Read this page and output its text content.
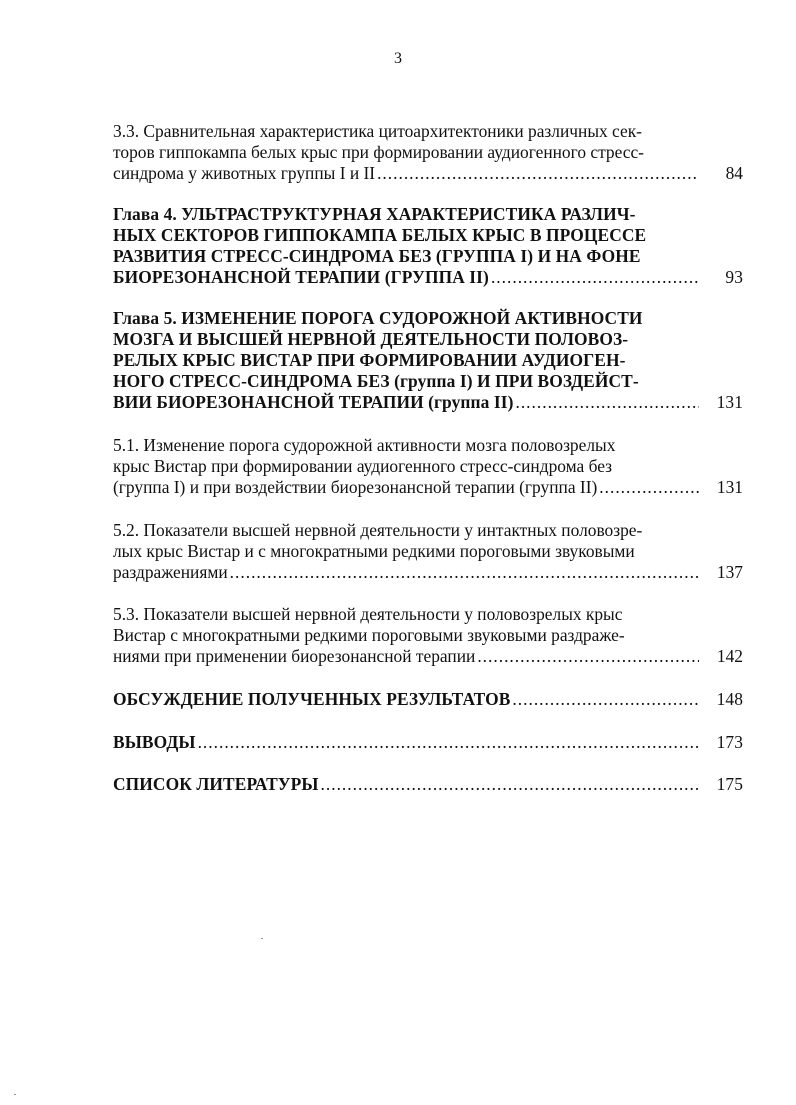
3
3.3. Сравнительная характеристика цитоархитектоники различных сек-
торов гиппокампа белых крыс при формировании аудиогенного стресс-
синдрома у животных группы I и II .....	84
Глава 4. УЛЬТРАСТРУКТУРНАЯ ХАРАКТЕРИСТИКА РАЗЛИЧ-
НЫХ СЕКТОРОВ ГИППОКАМПА БЕЛЫХ КРЫС В ПРОЦЕССЕ
РАЗВИТИЯ СТРЕСС-СИНДРОМА БЕЗ (ГРУППА I) И НА ФОНЕ
БИОРЕЗОНАНСНОЙ ТЕРАПИИ (ГРУППА II) .....	93
Глава 5. ИЗМЕНЕНИЕ ПОРОГА СУДОРОЖНОЙ АКТИВНОСТИ
МОЗГА И ВЫСШЕЙ НЕРВНОЙ ДЕЯТЕЛЬНОСТИ ПОЛОВОЗ-
РЕЛЫХ КРЫС ВИСТАР ПРИ ФОРМИРОВАНИИ АУДИОГЕН-
НОГО СТРЕСС-СИНДРОМА БЕЗ (группа I) И ПРИ ВОЗДЕЙСТ-
ВИИ БИОРЕЗОНАНСНОЙ ТЕРАПИИ (группа II) .....	131
5.1. Изменение порога судорожной активности мозга половозрелых
крыс Вистар при формировании аудиогенного стресс-синдрома без
(группа I) и при воздействии биорезонансной терапии (группа II) .....	131
5.2. Показатели высшей нервной деятельности у интактных половозре-
лых крыс Вистар и с многократными редкими пороговыми звуковыми
раздражениями .....	137
5.3. Показатели высшей нервной деятельности у половозрелых крыс
Вистар с многократными редкими пороговыми звуковыми раздраже-
ниями при применении биорезонансной терапии .....	142
ОБСУЖДЕНИЕ ПОЛУЧЕННЫХ РЕЗУЛЬТАТОВ .....	148
ВЫВОДЫ .....	173
СПИСОК ЛИТЕРАТУРЫ .....	175
